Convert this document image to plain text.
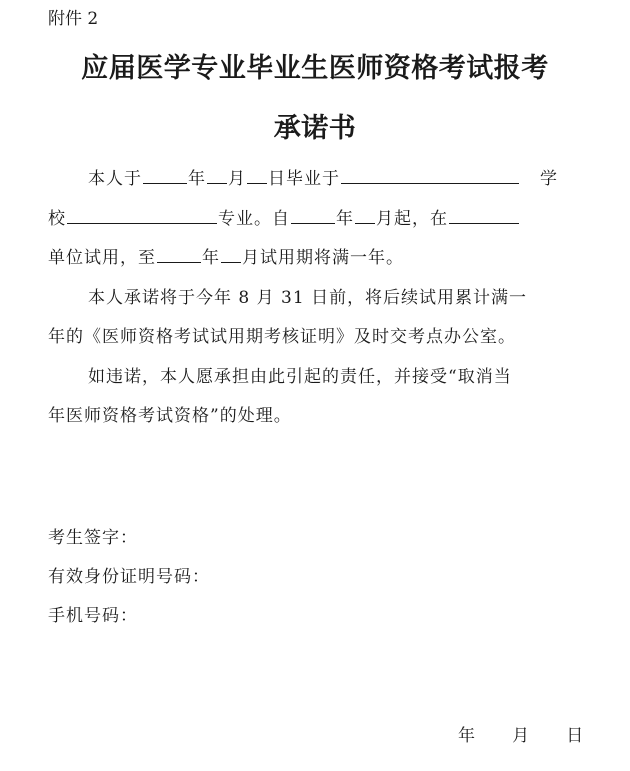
附件 2
应届医学专业毕业生医师资格考试报考
承诺书
本人于	年 月 日毕业于	学
校	专业。自	年 月起，在
单位试用，至	年 月试用期将满一年。
本人承诺将于今年 8 月 31 日前，将后续试用累计满一
年的《医师资格考试试用期考核证明》及时交考点办公室。
如违诺，本人愿承担由此引起的责任，并接受“取消当
年医师资格考试资格”的处理。
考生签字：
有效身份证明号码：
手机号码：
年 月 日
